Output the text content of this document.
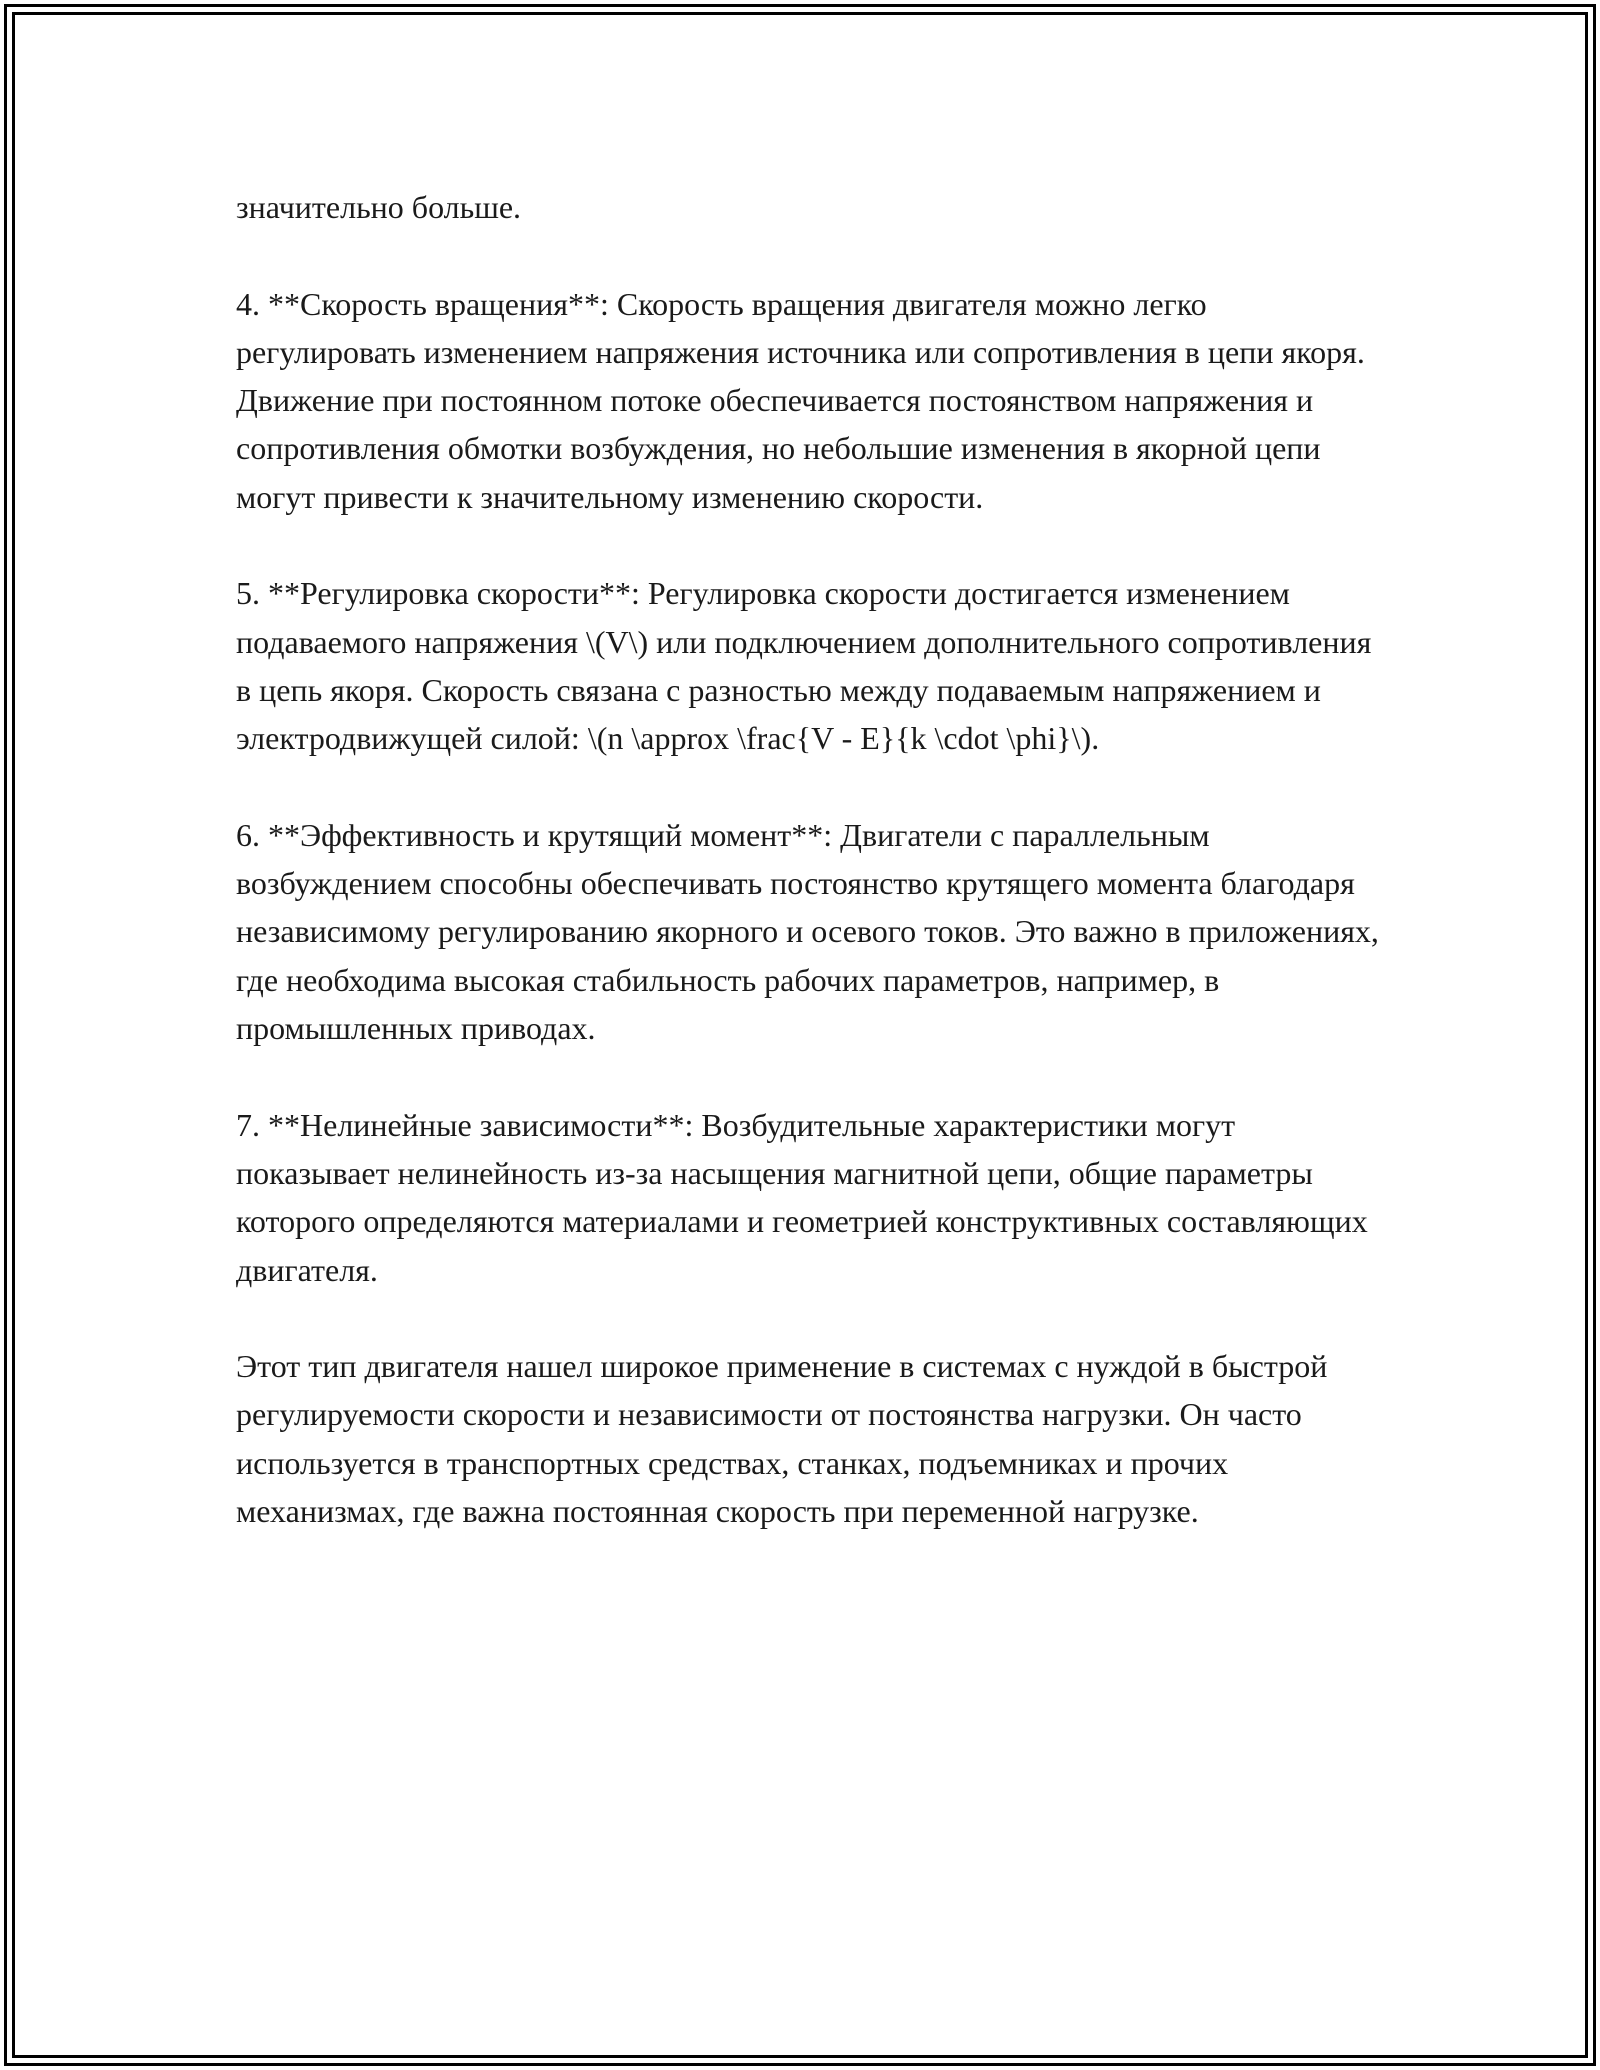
значительно больше.

4. **Скорость вращения**: Скорость вращения двигателя можно легко регулировать изменением напряжения источника или сопротивления в цепи якоря. Движение при постоянном потоке обеспечивается постоянством напряжения и сопротивления обмотки возбуждения, но небольшие изменения в якорной цепи могут привести к значительному изменению скорости.

5. **Регулировка скорости**: Регулировка скорости достигается изменением подаваемого напряжения \(V\) или подключением дополнительного сопротивления в цепь якоря. Скорость связана с разностью между подаваемым напряжением и электродвижущей силой: \(n \approx \frac{V - E}{k \cdot \phi}\).

6. **Эффективность и крутящий момент**: Двигатели с параллельным возбуждением способны обеспечивать постоянство крутящего момента благодаря независимому регулированию якорного и осевого токов. Это важно в приложениях, где необходима высокая стабильность рабочих параметров, например, в промышленных приводах.

7. **Нелинейные зависимости**: Возбудительные характеристики могут показывает нелинейность из-за насыщения магнитной цепи, общие параметры которого определяются материалами и геометрией конструктивных составляющих двигателя.

Этот тип двигателя нашел широкое применение в системах с нуждой в быстрой регулируемости скорости и независимости от постоянства нагрузки. Он часто используется в транспортных средствах, станках, подъемниках и прочих механизмах, где важна постоянная скорость при переменной нагрузке.
